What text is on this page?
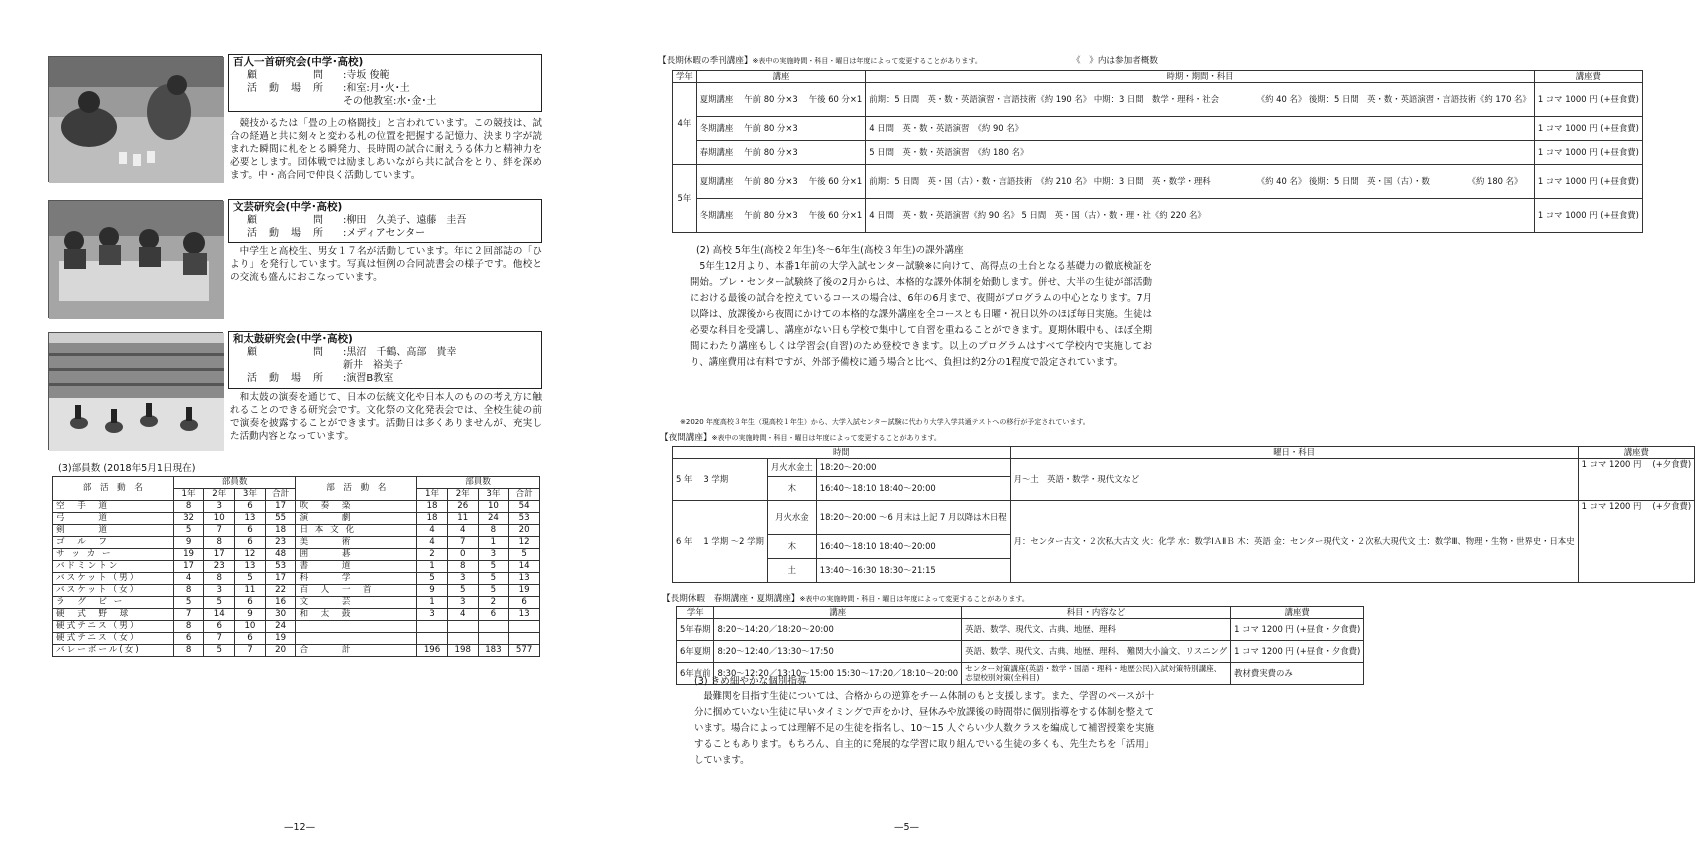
百人一首研究会(中学･高校)
顧　　　　　問	:寺坂 俊範
活　動　場　所	:和室:月･火･土
その他教室:水･金･土
競技かるたは「畳の上の格闘技」と言われています。この競技は、試合の経過と共に刻々と変わる札の位置を把握する記憶力、決まり字が読まれた瞬間に札をとる瞬発力、長時間の試合に耐えうる体力と精神力を必要とします。団体戦では励ましあいながら共に試合をとり、絆を深めます。中・高合同で仲良く活動しています。
文芸研究会(中学･高校)
顧　　　　　問	:柳田　久美子、遠藤　圭吾
活　動　場　所	:メディアセンター
中学生と高校生、男女１７名が活動しています。年に２回部誌の「ひより」を発行しています。写真は恒例の合同読書会の様子です。他校との交流も盛んにおこなっています。
和太鼓研究会(中学･高校)
顧　　　　　問	:黒沼　千鶴、高部　貴幸
新井　裕美子
活　動　場　所	:演習B教室
和太鼓の演奏を通じて、日本の伝統文化や日本人のものの考え方に触れることのできる研究会です。文化祭の文化発表会では、全校生徒の前で演奏を披露することができます。活動日は多くありませんが、充実した活動内容となっています。
(3)部員数 (2018年5月1日現在)
部　活　動　名	部員数				部　活　動　名	部員数			
	1年	2年	3年	合計		1年	2年	3年	合計
空　手　道	8	3	6	17	吹　奏　楽	18	26	10	54
弓　　　道	32	10	13	55	演　　　劇	18	11	24	53
剣　　　道	5	7	6	18	日 本 文 化	4	4	8	20
ゴ　ル　フ	9	8	6	23	美　　　術	4	7	1	12
サ ッ カ ー	19	17	12	48	囲　　　碁	2	0	3	5
バドミントン	17	23	13	53	書　　　道	1	8	5	14
バスケット（男）	4	8	5	17	科　　　学	5	3	5	13
バスケット（女）	8	3	11	22	百　人　一　首	9	5	5	19
ラ　グ　ビ ー	5	5	6	16	文　　　芸	1	3	2	6
硬　式　野　球	7	14	9	30	和　太　鼓	3	4	6	13
硬式テニス（男）	8	6	10	24					
硬式テニス（女）	6	7	6	19					
バレーボール(女)	8	5	7	20	合　　　計	196	198	183	577
—12—
【長期休暇の季刊講座】※表中の実施時間・科目・曜日は年度によって変更することがあります。	《　》内は参加者概数
学年	講座	時期・期間・科目	講座費
4年	夏期講座 　午前 80 分×3 　午後 60 分×1	前期：5 日間　英・数・英語演習・言語技術《約 190 名》 中期：3 日間　数学・理科・社会　　　　　《約 40 名》 後期：5 日間　英・数・英語演習・言語技術《約 170 名》	1 コマ 1000 円 (+昼食費)
	冬期講座 　午前 80 分×3	4 日間　英・数・英語演習　《約 90 名》	1 コマ 1000 円 (+昼食費)
	春期講座 　午前 80 分×3	5 日間　英・数・英語演習　《約 180 名》	1 コマ 1000 円 (+昼食費)
5年	夏期講座 　午前 80 分×3 　午後 60 分×1	前期：5 日間　英・国（古）・数・言語技術　《約 210 名》 中期：3 日間　英・数学・理科　　　　　　《約 40 名》 後期：5 日間　英・国（古）・数　　　　　《約 180 名》	1 コマ 1000 円 (+昼食費)
	冬期講座 　午前 80 分×3 　午後 60 分×1	4 日間　英・数・英語演習《約 90 名》 5 日間　英・国（古）・数・理・社《約 220 名》	1 コマ 1000 円 (+昼食費)
(2) 高校 5年生(高校２年生)冬～6年生(高校３年生)の課外講座
5年生12月より、本番1年前の大学入試センター試験※に向けて、高得点の土台となる基礎力の徹底検証を開始。プレ・センター試験終了後の2月からは、本格的な課外体制を始動します。併せ、大半の生徒が部活動における最後の試合を控えているコースの場合は、6年の6月まで、夜間がプログラムの中心となります。7月以降は、放課後から夜間にかけての本格的な課外講座を全コースとも日曜・祝日以外のほぼ毎日実施。生徒は必要な科目を受講し、講座がない日も学校で集中して自習を重ねることができます。夏期休暇中も、ほぼ全期間にわたり講座もしくは学習会(自習)のため登校できます。以上のプログラムはすべて学校内で実施しており、講座費用は有料ですが、外部予備校に通う場合と比べ、負担は約2分の1程度で設定されています。
※2020 年度高校３年生（現高校１年生）から、大学入試センター試験に代わり大学入学共通テストへの移行が予定されています。
【夜間講座】※表中の実施時間・科目・曜日は年度によって変更することがあります。
時間			曜日・科目	講座費
5 年 　3 学期	月火水金土	18:20〜20:00	月〜土　英語・数学・現代文など	1 コマ 1200 円 　(+夕食費)
	木	16:40〜18:10 18:40〜20:00		
6 年 　1 学期 〜2 学期	月火水金	18:20〜20:00 〜6 月末は上記 7 月以降は木日程	月：センター古文・２次私大古文 火：化学 水：数学ⅠＡⅡＢ 木：英語 金：センター現代文・２次私大現代文 土：数学Ⅲ、物理・生物・世界史・日本史	1 コマ 1200 円 　(+夕食費)
	木	16:40〜18:10 18:40〜20:00		
	土	13:40〜16:30 18:30〜21:15		
【長期休暇　春期講座・夏期講座】※表中の実施時間・科目・曜日は年度によって変更することがあります。
学年	講座	科目・内容など	講座費
5年春期	8:20〜14:20／18:20〜20:00	英語、数学、現代文、古典、地歴、理科	1 コマ 1200 円 (+昼食・夕食費)
6年夏期	8:20〜12:40／13:30〜17:50	英語、数学、現代文、古典、地歴、理科、 難関大小論文、リスニング	1 コマ 1200 円 (+昼食・夕食費)
6年直前	8:30〜12:20／13:10〜15:00 15:30〜17:20／18:10〜20:00	センター対策講座(英語・数学・国語・理科・地歴公民)入試対策特別講座、志望校別対策(全科目)	教材費実費のみ
(3) きめ細やかな個別指導
最難関を目指す生徒については、合格からの逆算をチーム体制のもと支援します。また、学習のペースが十分に掴めていない生徒に早いタイミングで声をかけ、昼休みや放課後の時間帯に個別指導をする体制を整えています。場合によっては理解不足の生徒を指名し、10〜15 人ぐらい少人数クラスを編成して補習授業を実施することもあります。もちろん、自主的に発展的な学習に取り組んでいる生徒の多くも、先生たちを「活用」しています。
—5—
